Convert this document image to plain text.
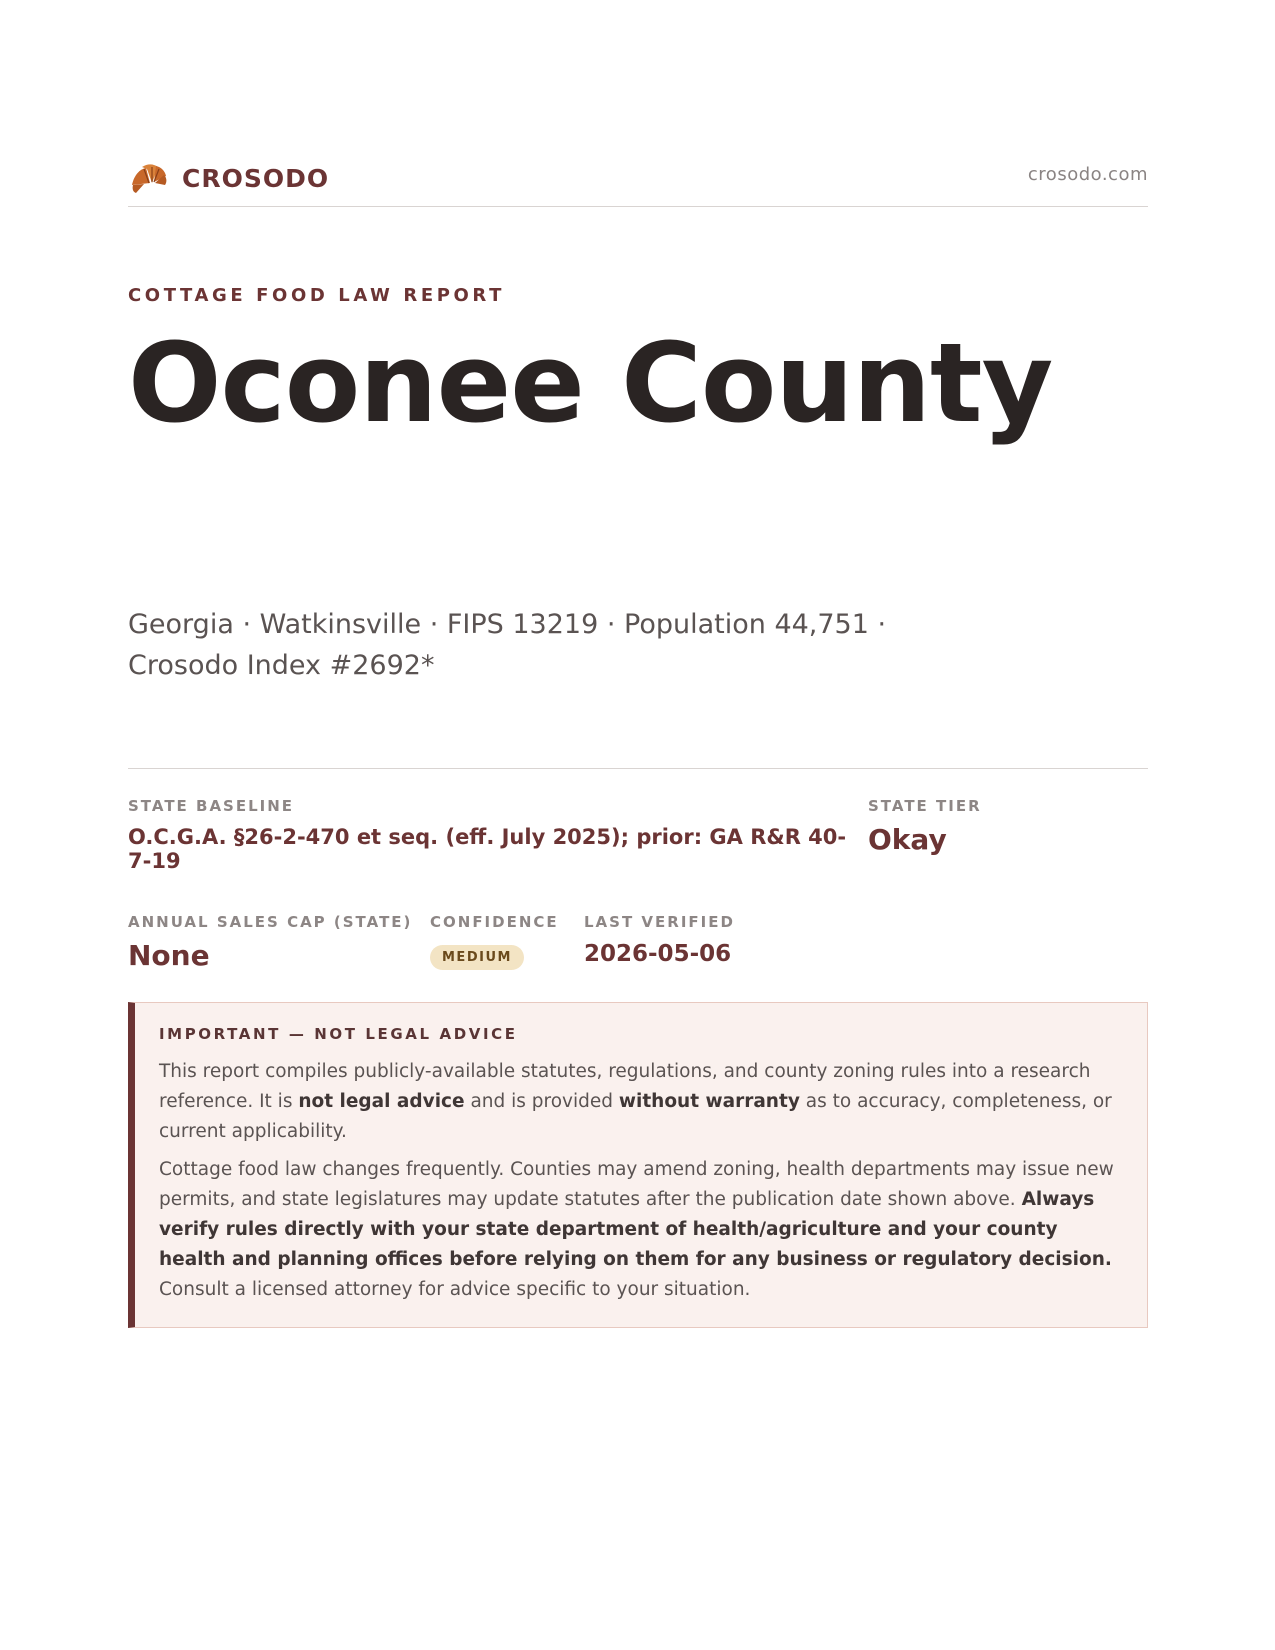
CROSODO	crosodo.com
COTTAGE FOOD LAW REPORT
Oconee County
Georgia · Watkinsville · FIPS 13219 · Population 44,751 ·
Crosodo Index #2692*
STATE BASELINE
O.C.G.A. §26-2-470 et seq. (eff. July 2025); prior: GA R&R 40-7-19
STATE TIER
Okay
ANNUAL SALES CAP (STATE)
None
CONFIDENCE
MEDIUM
LAST VERIFIED
2026-05-06
IMPORTANT — NOT LEGAL ADVICE

This report compiles publicly-available statutes, regulations, and county zoning rules into a research reference. It is not legal advice and is provided without warranty as to accuracy, completeness, or current applicability.

Cottage food law changes frequently. Counties may amend zoning, health departments may issue new permits, and state legislatures may update statutes after the publication date shown above. Always verify rules directly with your state department of health/agriculture and your county health and planning offices before relying on them for any business or regulatory decision. Consult a licensed attorney for advice specific to your situation.
